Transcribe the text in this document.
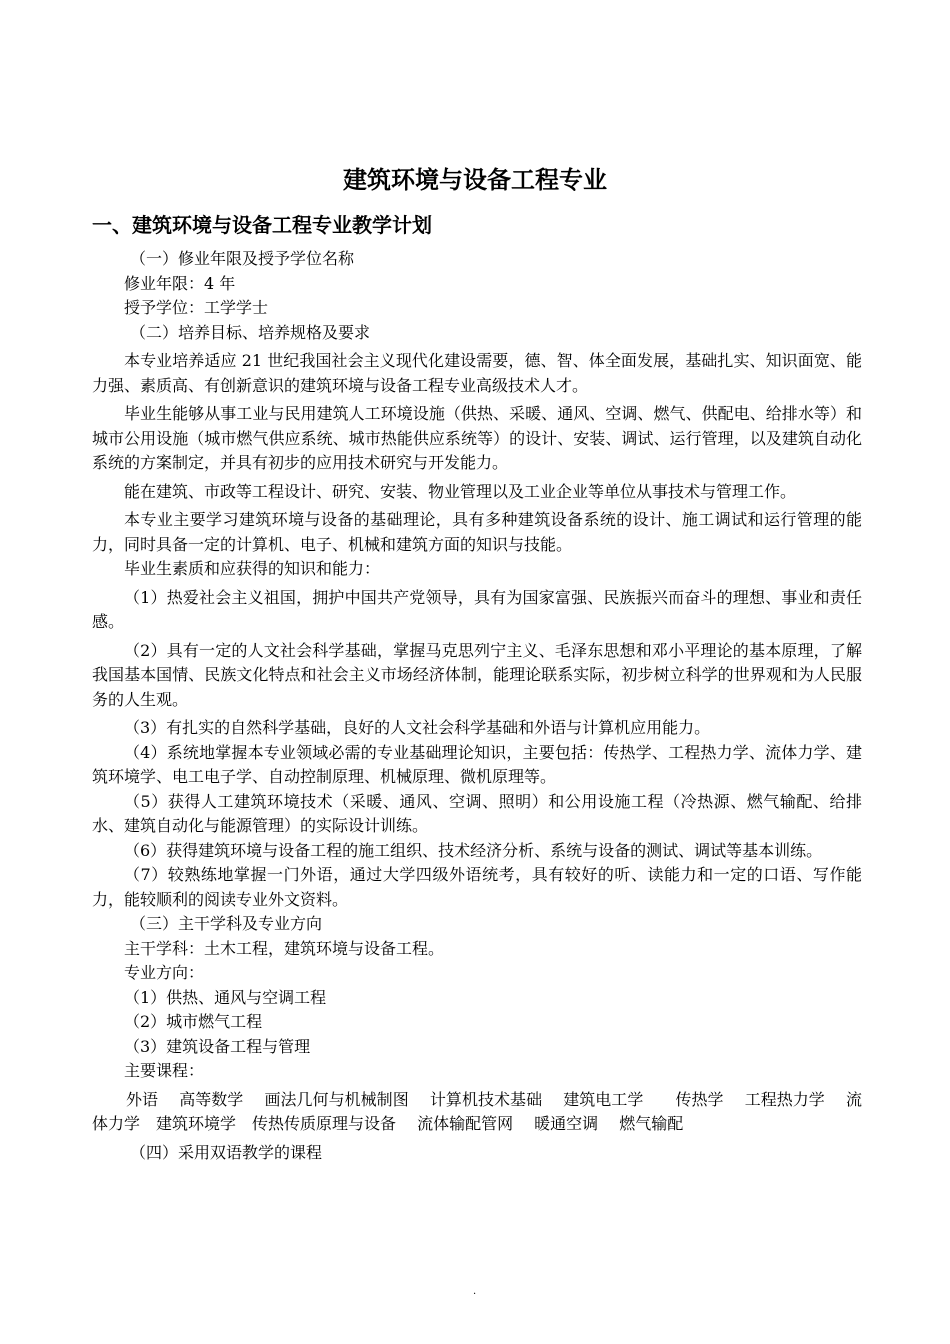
建筑环境与设备工程专业
一、建筑环境与设备工程专业教学计划

（一）修业年限及授予学位名称

修业年限：4 年

授予学位：工学学士

（二）培养目标、培养规格及要求

本专业培养适应 21 世纪我国社会主义现代化建设需要，德、智、体全面发展，基础扎实、知识面宽、能力强、素质高、有创新意识的建筑环境与设备工程专业高级技术人才。

毕业生能够从事工业与民用建筑人工环境设施（供热、采暖、通风、空调、燃气、供配电、给排水等）和城市公用设施（城市燃气供应系统、城市热能供应系统等）的设计、安装、调试、运行管理，以及建筑自动化系统的方案制定，并具有初步的应用技术研究与开发能力。

能在建筑、市政等工程设计、研究、安装、物业管理以及工业企业等单位从事技术与管理工作。

本专业主要学习建筑环境与设备的基础理论，具有多种建筑设备系统的设计、施工调试和运行管理的能力，同时具备一定的计算机、电子、机械和建筑方面的知识与技能。

毕业生素质和应获得的知识和能力：

（1）热爱社会主义祖国，拥护中国共产党领导，具有为国家富强、民族振兴而奋斗的理想、事业和责任感。

（2）具有一定的人文社会科学基础，掌握马克思列宁主义、毛泽东思想和邓小平理论的基本原理，了解我国基本国情、民族文化特点和社会主义市场经济体制，能理论联系实际，初步树立科学的世界观和为人民服务的人生观。

（3）有扎实的自然科学基础，良好的人文社会科学基础和外语与计算机应用能力。

（4）系统地掌握本专业领域必需的专业基础理论知识，主要包括：传热学、工程热力学、流体力学、建筑环境学、电工电子学、自动控制原理、机械原理、微机原理等。

（5）获得人工建筑环境技术（采暖、通风、空调、照明）和公用设施工程（冷热源、燃气输配、给排水、建筑自动化与能源管理）的实际设计训练。

（6）获得建筑环境与设备工程的施工组织、技术经济分析、系统与设备的测试、调试等基本训练。

（7）较熟练地掌握一门外语，通过大学四级外语统考，具有较好的听、读能力和一定的口语、写作能力，能较顺利的阅读专业外文资料。

（三）主干学科及专业方向

主干学科：土木工程，建筑环境与设备工程。

专业方向：

（1）供热、通风与空调工程

（2）城市燃气工程

（3）建筑设备工程与管理

主要课程：

外语　 高等数学　 画法几何与机械制图　 计算机技术基础　 建筑电工学　　传热学　 工程热力学　 流体力学　建筑环境学　传热传质原理与设备　 流体输配管网　 暖通空调　 燃气输配

（四）采用双语教学的课程

.
